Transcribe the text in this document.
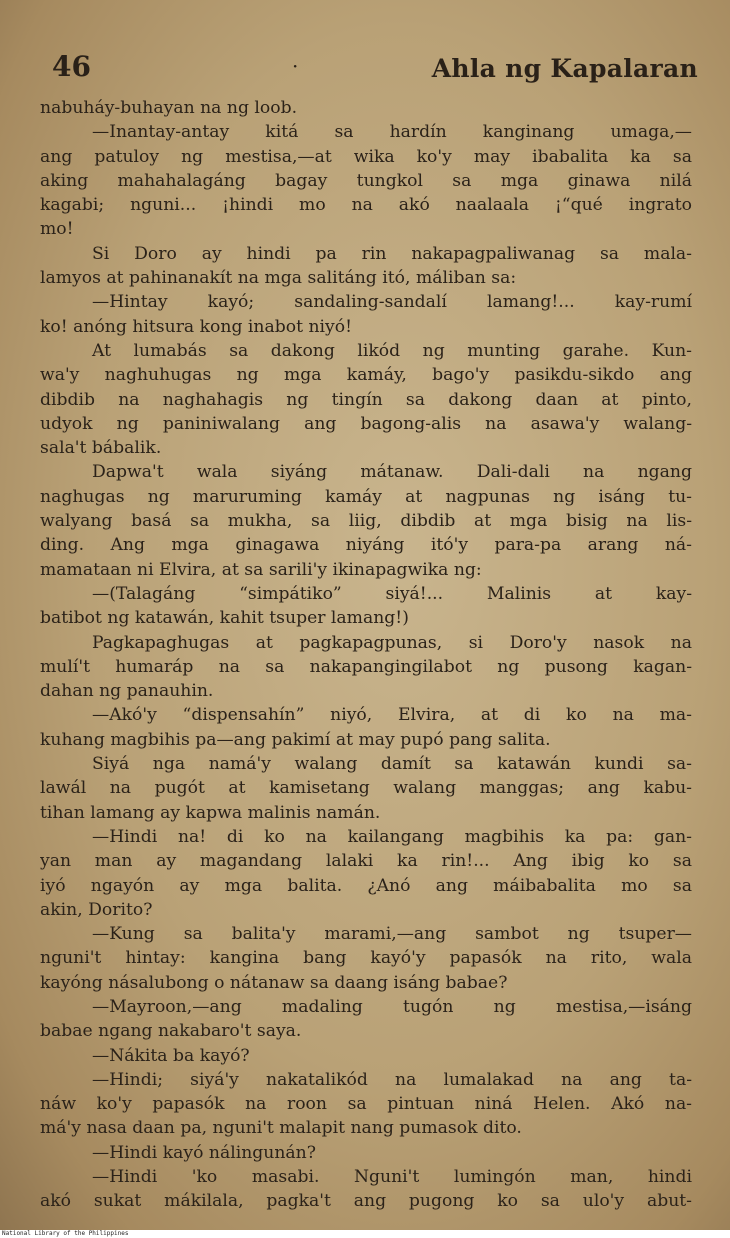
46	·	Ahla ng Kapalaran
nabuháy-buhayan na ng loob.
—Inantay-antay kitá sa hardín kanginang umaga,—
ang patuloy ng mestisa,—at wika ko'y may ibabalita ka sa
aking mahahalagáng bagay tungkol sa mga ginawa nilá
kagabi; nguni... ¡hindi mo na akó naalaala ¡“qué ingrato
mo!
Si Doro ay hindi pa rin nakapagpaliwanag sa mala-
lamyos at pahinanakít na mga salitáng itó, máliban sa:
—Hintay kayó; sandaling-sandalí lamang!... kay-rumí
ko! anóng hitsura kong inabot niyó!
At lumabás sa dakong likód ng munting garahe. Kun-
wa'y naghuhugas ng mga kamáy, bago'y pasikdu-sikdo ang
dibdib na naghahagis ng tingín sa dakong daan at pinto,
udyok ng paniniwalang ang bagong-alis na asawa'y walang-
sala't bábalik.
Dapwa't wala siyáng mátanaw. Dali-dali na ngang
naghugas ng maruruming kamáy at nagpunas ng isáng tu-
walyang basá sa mukha, sa liig, dibdib at mga bisig na lis-
ding. Ang mga ginagawa niyáng itó'y para-pa arang ná-
mamataan ni Elvira, at sa sarili'y ikinapagwika ng:
—(Talagáng “simpátiko” siyá!... Malinis at kay-
batibot ng katawán, kahit tsuper lamang!)
Pagkapaghugas at pagkapagpunas, si Doro'y nasok na
mulí't humaráp na sa nakapangingilabot ng pusong kagan-
dahan ng panauhin.
—Akó'y “dispensahín” niyó, Elvira, at di ko na ma-
kuhang magbihis pa—ang pakimí at may pupó pang salita.
Siyá nga namá'y walang damít sa katawán kundi sa-
lawál na pugót at kamisetang walang manggas; ang kabu-
tihan lamang ay kapwa malinis namán.
—Hindi na! di ko na kailangang magbihis ka pa: gan-
yan man ay magandang lalaki ka rin!... Ang ibig ko sa
iyó ngayón ay mga balita. ¿Anó ang máibabalita mo sa
akin, Dorito?
—Kung sa balita'y marami,—ang sambot ng tsuper—
nguni't hintay: kangina bang kayó'y papasók na rito, wala
kayóng násalubong o nátanaw sa daang isáng babae?
—Mayroon,—ang madaling tugón ng mestisa,—isáng
babae ngang nakabaro't saya.
—Nákita ba kayó?
—Hindi; siyá'y nakatalikód na lumalakad na ang ta-
náw ko'y papasók na roon sa pintuan niná Helen. Akó na-
má'y nasa daan pa, nguni't malapit nang pumasok dito.
—Hindi kayó nálingunán?
—Hindi 'ko masabi. Nguni't lumingón man, hindi
akó sukat mákilala, pagka't ang pugong ko sa ulo'y abut-
National Library of the Philippines
